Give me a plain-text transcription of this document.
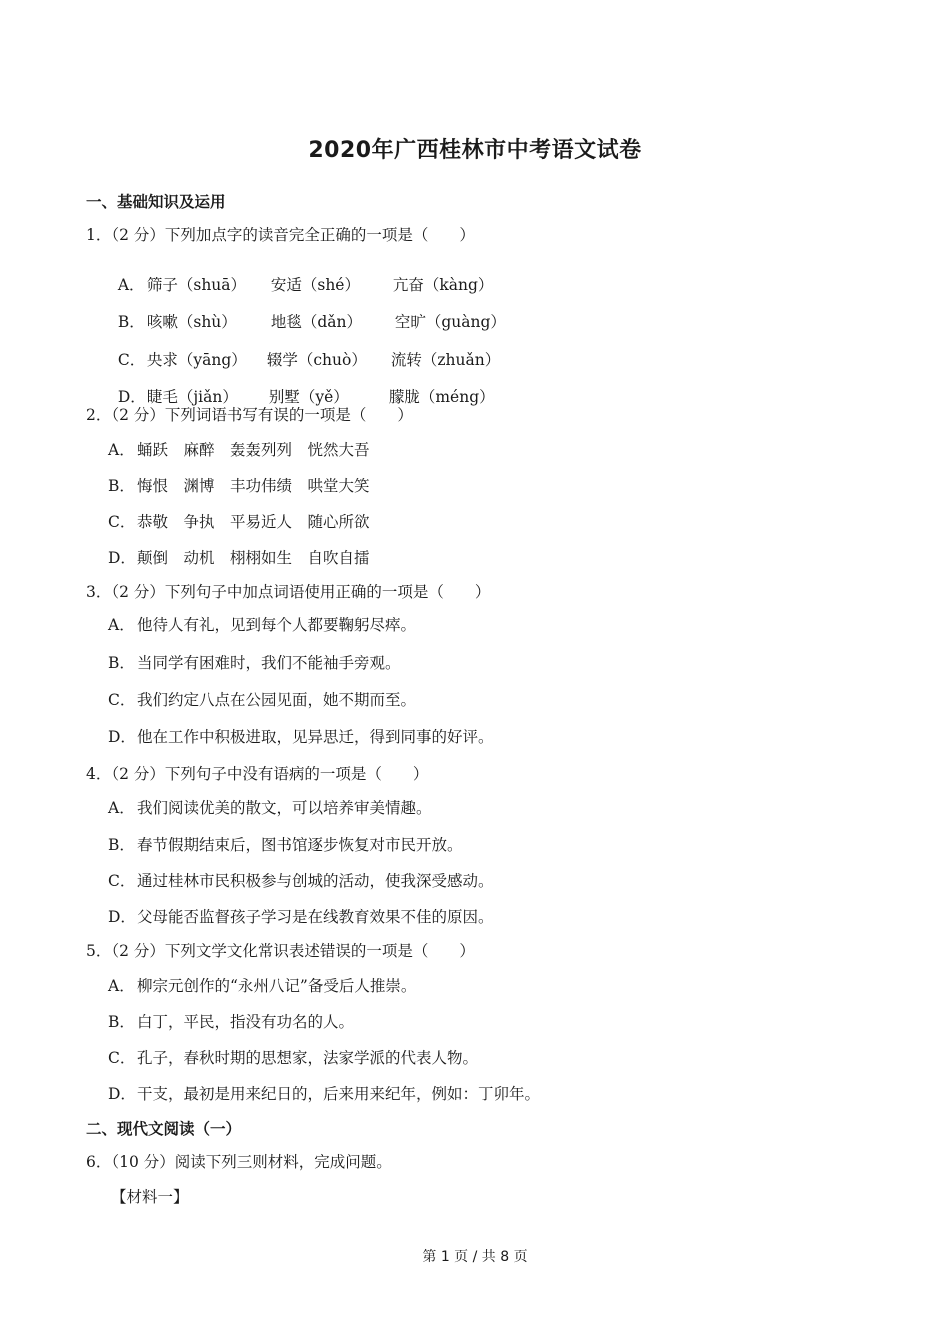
2020年广西桂林市中考语文试卷
一、基础知识及运用
1．（2 分）下列加点字的读音完全正确的一项是（　　）

A． 筛子（shuā） 安适（shé） 亢奋（kàng）

B． 咳嗽（shù） 地毯（dǎn） 空旷（guàng）

C． 央求（yāng） 辍学（chuò） 流转（zhuǎn）

D．睫毛（jiǎn） 别墅（yě）	朦胧（méng）

2．（2 分）下列词语书写有误的一项是（　　）
A． 蛹跃　麻醉　轰轰列列　恍然大吾
B． 悔恨　渊博　丰功伟绩　哄堂大笑
C． 恭敬　争执　平易近人　随心所欲
D．颠倒　动机　栩栩如生　自吹自擂
3．（2 分）下列句子中加点词语使用正确的一项是（　　）
A． 他待人有礼，见到每个人都要鞠躬尽瘁。
B． 当同学有困难时，我们不能袖手旁观。
C． 我们约定八点在公园见面，她不期而至。
D．他在工作中积极进取，见异思迁，得到同事的好评。
4．（2 分）下列句子中没有语病的一项是（　　）
A． 我们阅读优美的散文，可以培养审美情趣。
B． 春节假期结束后，图书馆逐步恢复对市民开放。
C． 通过桂林市民积极参与创城的活动，使我深受感动。
D．父母能否监督孩子学习是在线教育效果不佳的原因。
5．（2 分）下列文学文化常识表述错误的一项是（　　）
A． 柳宗元创作的“永州八记”备受后人推崇。
B． 白丁，平民，指没有功名的人。
C． 孔子，春秋时期的思想家，法家学派的代表人物。
D．干支，最初是用来纪日的，后来用来纪年，例如：丁卯年。
二、现代文阅读（一）
6．（10 分）阅读下列三则材料，完成问题。
【材料一】
第 1 页 / 共 8 页
